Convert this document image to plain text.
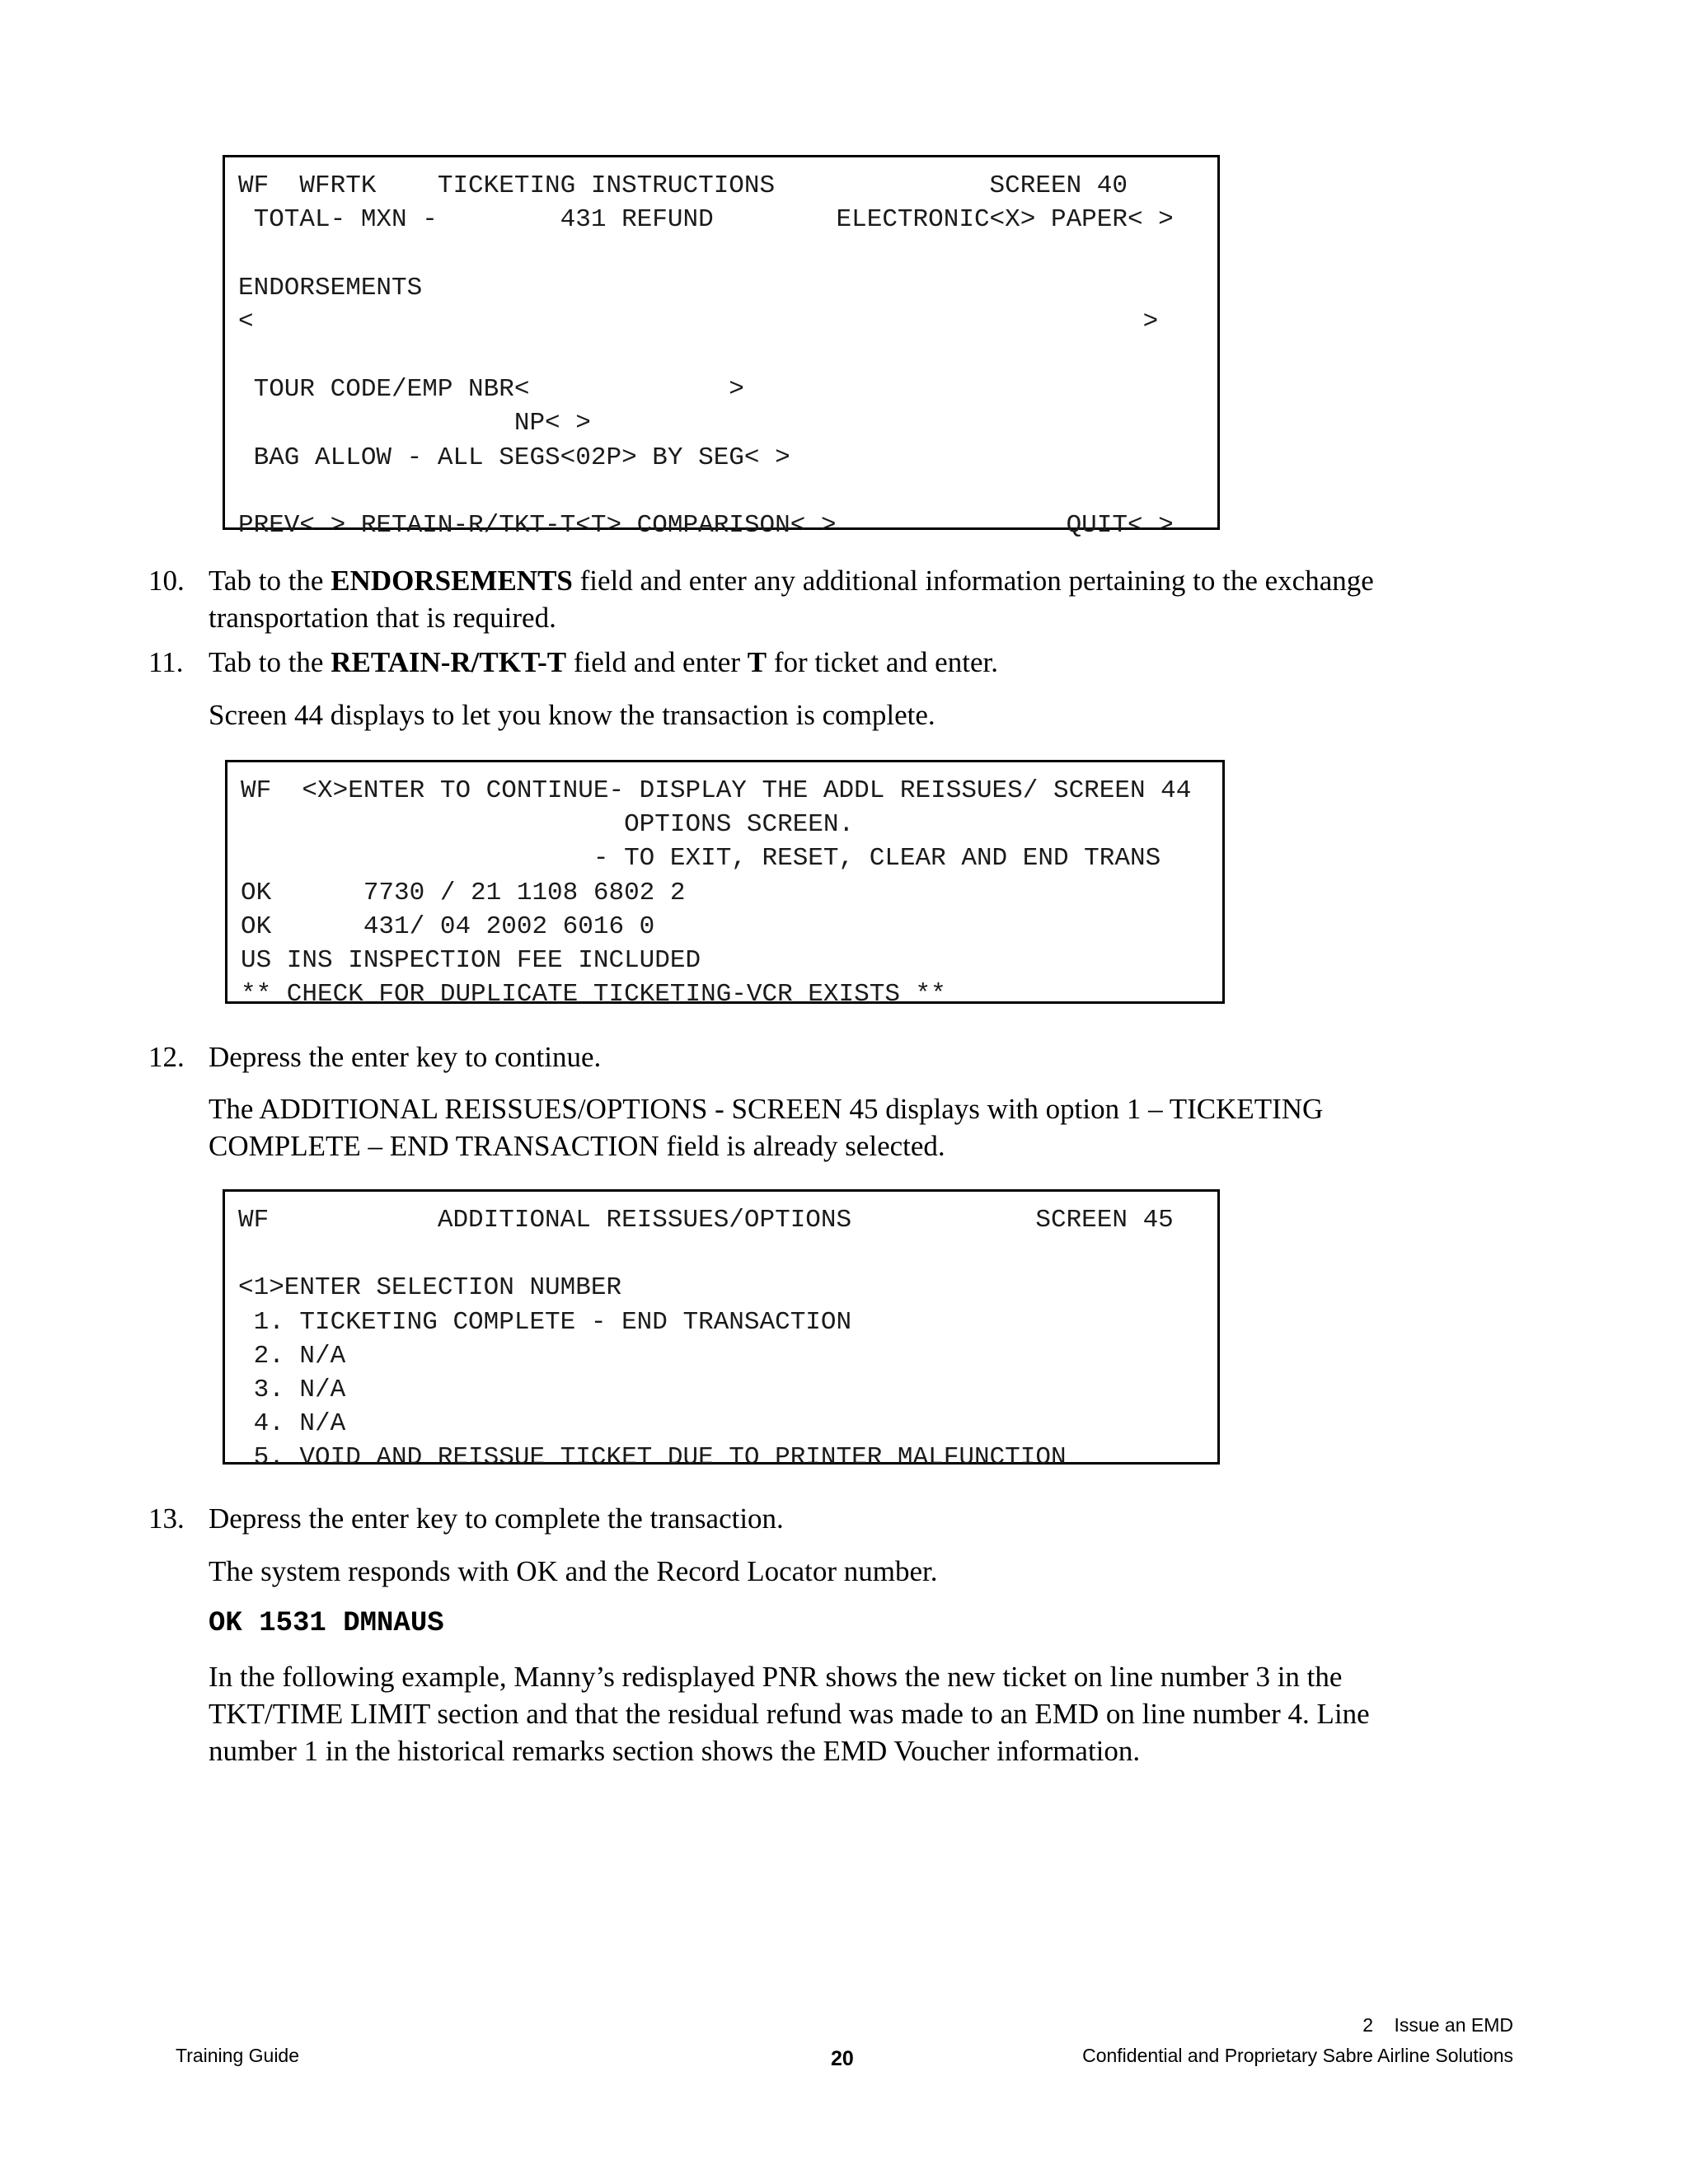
WF  WFRTK    TICKETING INSTRUCTIONS              SCREEN 40
TOTAL- MXN -        431 REFUND        ELECTRONIC<X> PAPER< >

ENDORSEMENTS
<                                                          >

TOUR CODE/EMP NBR<             >
NP< >
BAG ALLOW - ALL SEGS<02P> BY SEG< >

PREV< > RETAIN-R/TKT-T<T> COMPARISON< >               QUIT< >
10. Tab to the ENDORSEMENTS field and enter any additional information pertaining to the exchange transportation that is required.

11. Tab to the RETAIN-R/TKT-T field and enter T for ticket and enter.

Screen 44 displays to let you know the transaction is complete.

WF  <X>ENTER TO CONTINUE- DISPLAY THE ADDL REISSUES/ SCREEN 44
OPTIONS SCREEN.
- TO EXIT, RESET, CLEAR AND END TRANS
OK      7730 / 21 1108 6802 2
OK      431/ 04 2002 6016 0
US INS INSPECTION FEE INCLUDED
** CHECK FOR DUPLICATE TICKETING-VCR EXISTS **
12. Depress the enter key to continue.

The ADDITIONAL REISSUES/OPTIONS - SCREEN 45 displays with option 1 – TICKETING COMPLETE – END TRANSACTION field is already selected.

WF           ADDITIONAL REISSUES/OPTIONS            SCREEN 45

<1>ENTER SELECTION NUMBER
1. TICKETING COMPLETE - END TRANSACTION
2. N/A
3. N/A
4. N/A
5. VOID AND REISSUE TICKET DUE TO PRINTER MALFUNCTION
13. Depress the enter key to complete the transaction.

The system responds with OK and the Record Locator number.

OK 1531 DMNAUS

In the following example, Manny’s redisplayed PNR shows the new ticket on line number 3 in the TKT/TIME LIMIT section and that the residual refund was made to an EMD on line number 4. Line number 1 in the historical remarks section shows the EMD Voucher information.

2    Issue an EMD
Training Guide	20	Confidential and Proprietary Sabre Airline Solutions
